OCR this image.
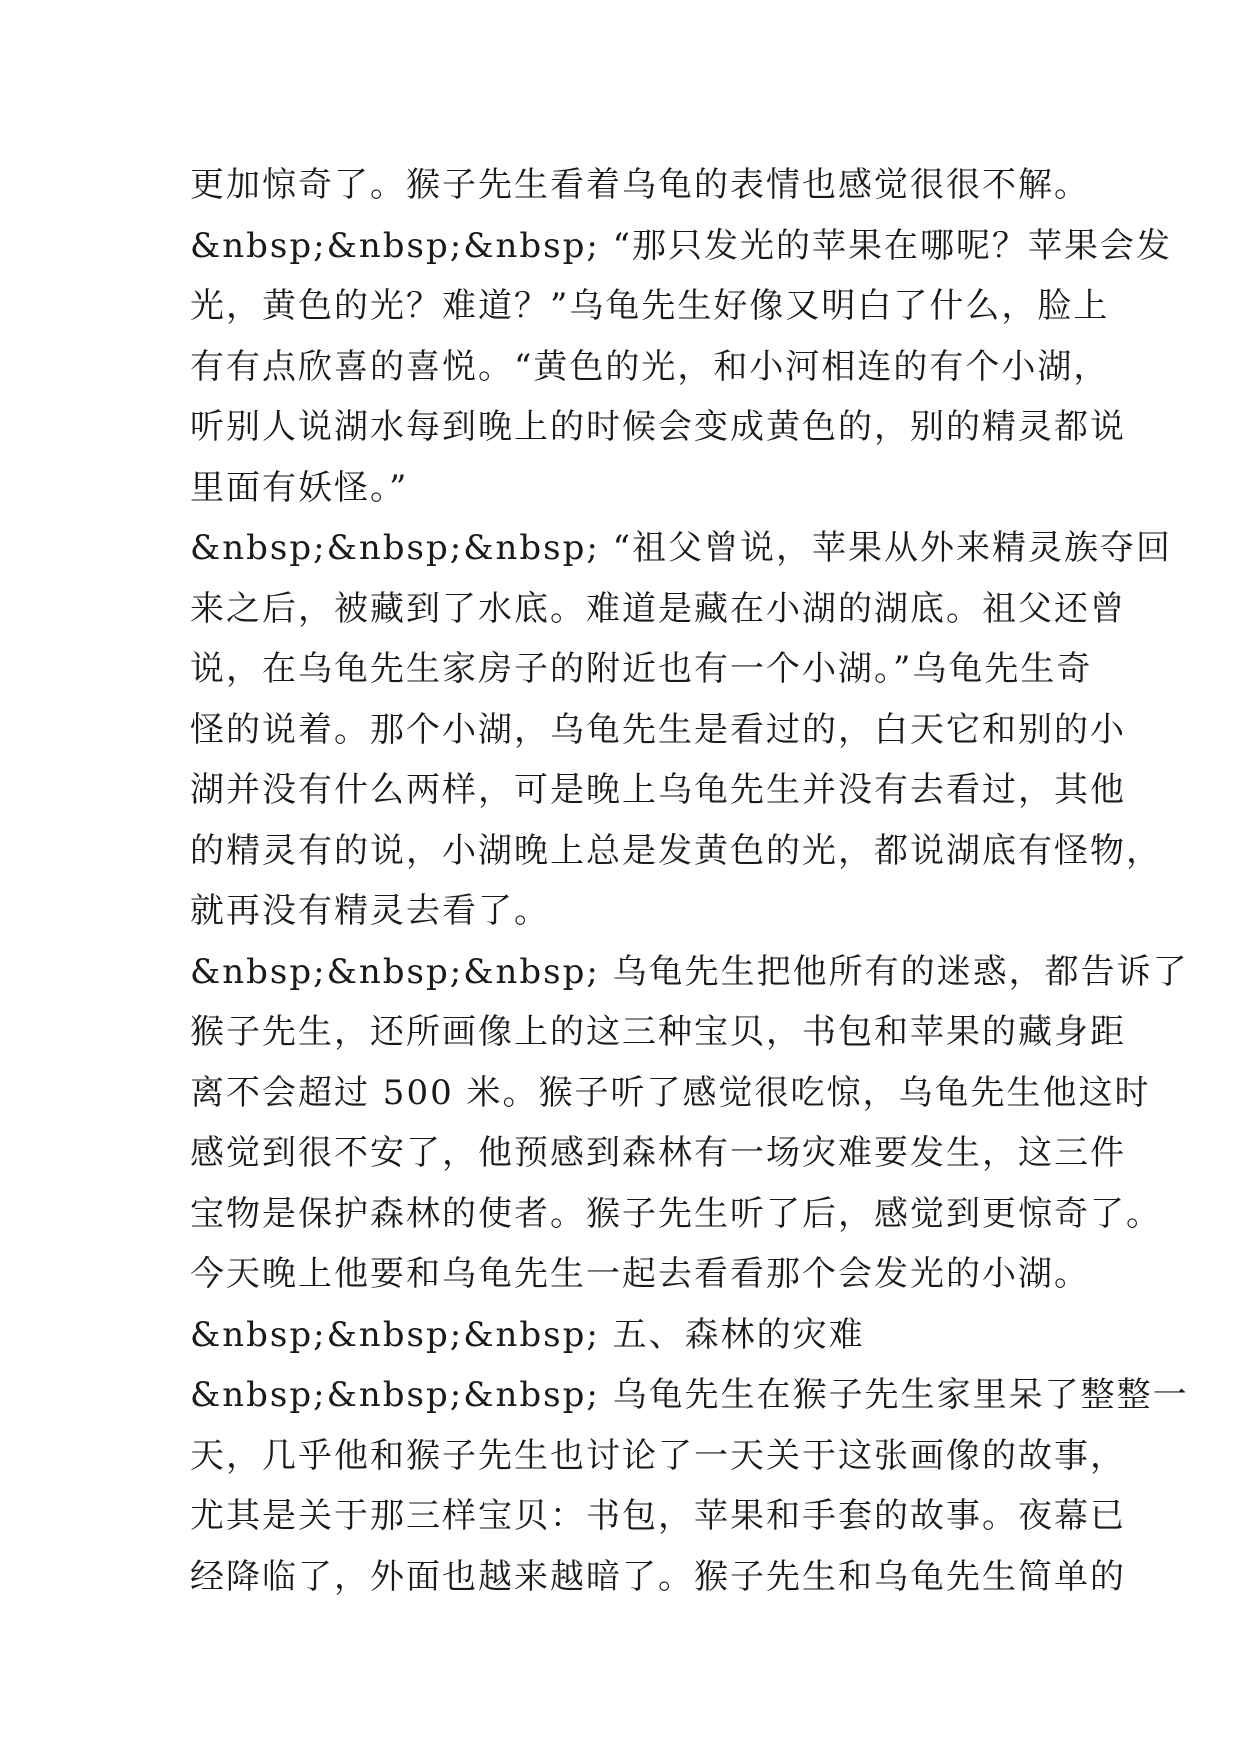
更加惊奇了。猴子先生看着乌龟的表情也感觉很很不解。
&nbsp;&nbsp;&nbsp; “那只发光的苹果在哪呢？苹果会发
光，黄色的光？难道？”乌龟先生好像又明白了什么，脸上
有有点欣喜的喜悦。“黄色的光，和小河相连的有个小湖，
听别人说湖水每到晚上的时候会变成黄色的，别的精灵都说
里面有妖怪。”
&nbsp;&nbsp;&nbsp; “祖父曾说，苹果从外来精灵族夺回
来之后，被藏到了水底。难道是藏在小湖的湖底。祖父还曾
说，在乌龟先生家房子的附近也有一个小湖。”乌龟先生奇
怪的说着。那个小湖，乌龟先生是看过的，白天它和别的小
湖并没有什么两样，可是晚上乌龟先生并没有去看过，其他
的精灵有的说，小湖晚上总是发黄色的光，都说湖底有怪物，
就再没有精灵去看了。
&nbsp;&nbsp;&nbsp; 乌龟先生把他所有的迷惑，都告诉了
猴子先生，还所画像上的这三种宝贝，书包和苹果的藏身距
离不会超过 500 米。猴子听了感觉很吃惊，乌龟先生他这时
感觉到很不安了，他预感到森林有一场灾难要发生，这三件
宝物是保护森林的使者。猴子先生听了后，感觉到更惊奇了。
今天晚上他要和乌龟先生一起去看看那个会发光的小湖。
&nbsp;&nbsp;&nbsp; 五、森林的灾难
&nbsp;&nbsp;&nbsp; 乌龟先生在猴子先生家里呆了整整一
天，几乎他和猴子先生也讨论了一天关于这张画像的故事，
尤其是关于那三样宝贝：书包，苹果和手套的故事。夜幕已
经降临了，外面也越来越暗了。猴子先生和乌龟先生简单的
